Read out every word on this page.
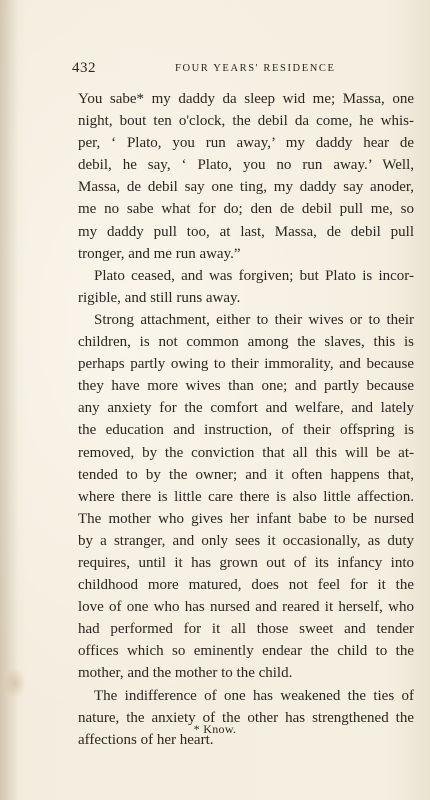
432	FOUR YEARS' RESIDENCE
You sabe* my daddy da sleep wid me; Massa, one
night, bout ten o'clock, the debil da come, he whis-
per, ‘ Plato, you run away,’ my daddy hear de
debil, he say, ‘ Plato, you no run away.’ Well,
Massa, de debil say one ting, my daddy say anoder,
me no sabe what for do; den de debil pull me, so
my daddy pull too, at last, Massa, de debil pull
tronger, and me run away.”
Plato ceased, and was forgiven; but Plato is incor-
rigible, and still runs away.
Strong attachment, either to their wives or to their
children, is not common among the slaves, this is
perhaps partly owing to their immorality, and because
they have more wives than one; and partly because
any anxiety for the comfort and welfare, and lately
the education and instruction, of their offspring is
removed, by the conviction that all this will be at-
tended to by the owner; and it often happens that,
where there is little care there is also little affection.
The mother who gives her infant babe to be nursed
by a stranger, and only sees it occasionally, as duty
requires, until it has grown out of its infancy into
childhood more matured, does not feel for it the
love of one who has nursed and reared it herself, who
had performed for it all those sweet and tender
offices which so eminently endear the child to the
mother, and the mother to the child.
The indifference of one has weakened the ties of
nature, the anxiety of the other has strengthened the
affections of her heart.
* Know.
